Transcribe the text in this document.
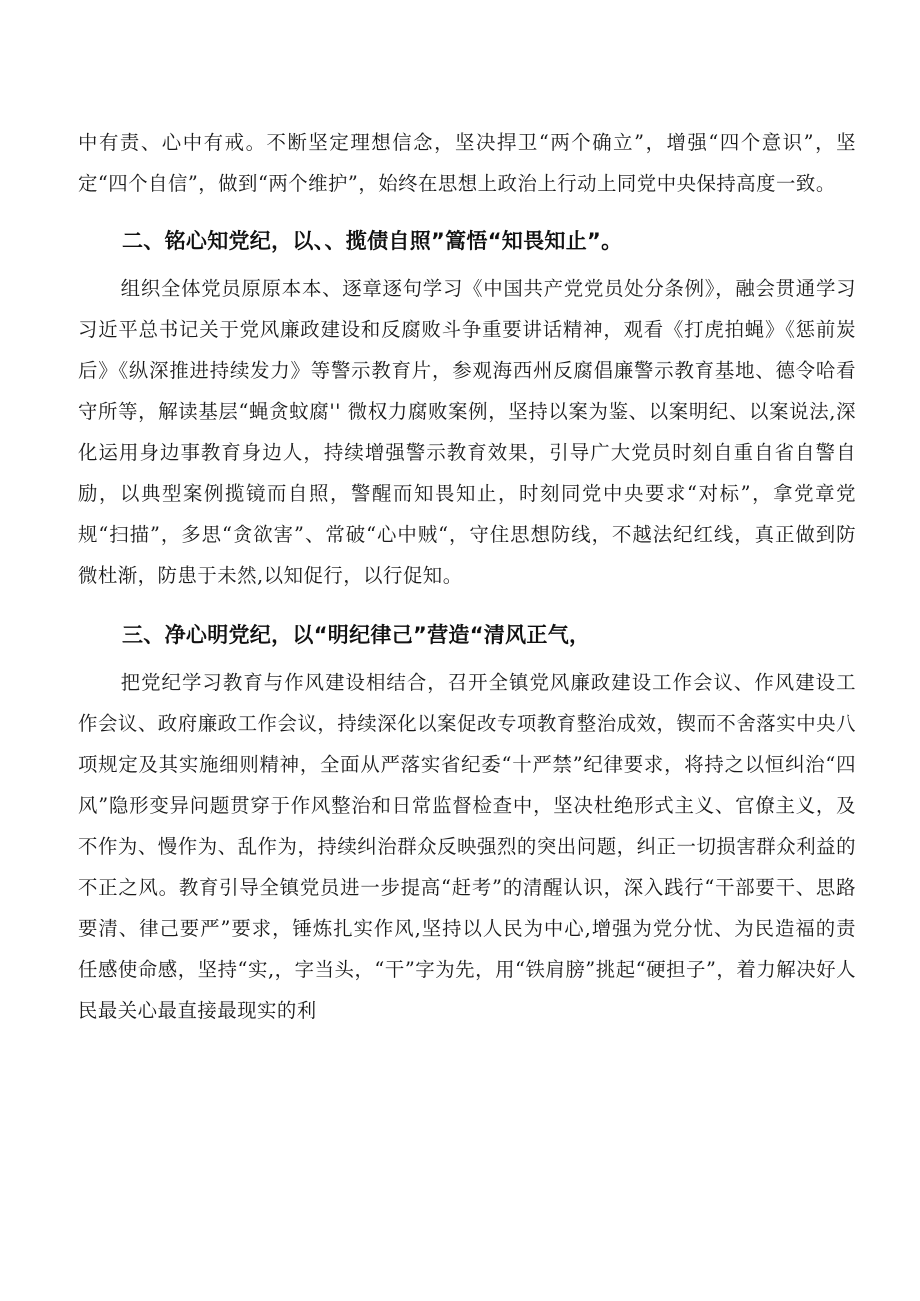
中有责、心中有戒。不断坚定理想信念，坚决捍卫“两个确立”，增强“四个意识”，坚定“四个自信”，做到“两个维护”，始终在思想上政治上行动上同党中央保持高度一致。

二、铭心知党纪，以、、揽债自照”篙悟“知畏知止”。

组织全体党员原原本本、逐章逐句学习《中国共产党党员处分条例》，融会贯通学习习近平总书记关于党风廉政建设和反腐败斗争重要讲话精神，观看《打虎拍蝇》《惩前炭后》《纵深推进持续发力》等警示教育片，参观海西州反腐倡廉警示教育基地、德令哈看守所等，解读基层“蝇贪蚊腐'' 微权力腐败案例，坚持以案为鉴、以案明纪、以案说法,深化运用身边事教育身边人，持续增强警示教育效果，引导广大党员时刻自重自省自警自励，以典型案例揽镜而自照，警醒而知畏知止，时刻同党中央要求“对标”，拿党章党规“扫描”，多思“贪欲害”、常破“心中贼“，守住思想防线，不越法纪红线，真正做到防微杜渐，防患于未然,以知促行，以行促知。

三、净心明党纪，以“明纪律己”营造“清风正气，

把党纪学习教育与作风建设相结合，召开全镇党风廉政建设工作会议、作风建设工作会议、政府廉政工作会议，持续深化以案促改专项教育整治成效，锲而不舍落实中央八项规定及其实施细则精神，全面从严落实省纪委“十严禁”纪律要求，将持之以恒纠治“四风”隐形变异问题贯穿于作风整治和日常监督检查中，坚决杜绝形式主义、官僚主义，及不作为、慢作为、乱作为，持续纠治群众反映强烈的突出问题，纠正一切损害群众利益的不正之风。教育引导全镇党员进一步提高“赶考”的清醒认识，深入践行“干部要干、思路要清、律己要严”要求，锤炼扎实作风,坚持以人民为中心,增强为党分忧、为民造福的责任感使命感，坚持“实,，字当头，“干”字为先，用“铁肩膀”挑起“硬担子”，着力解决好人民最关心最直接最现实的利
